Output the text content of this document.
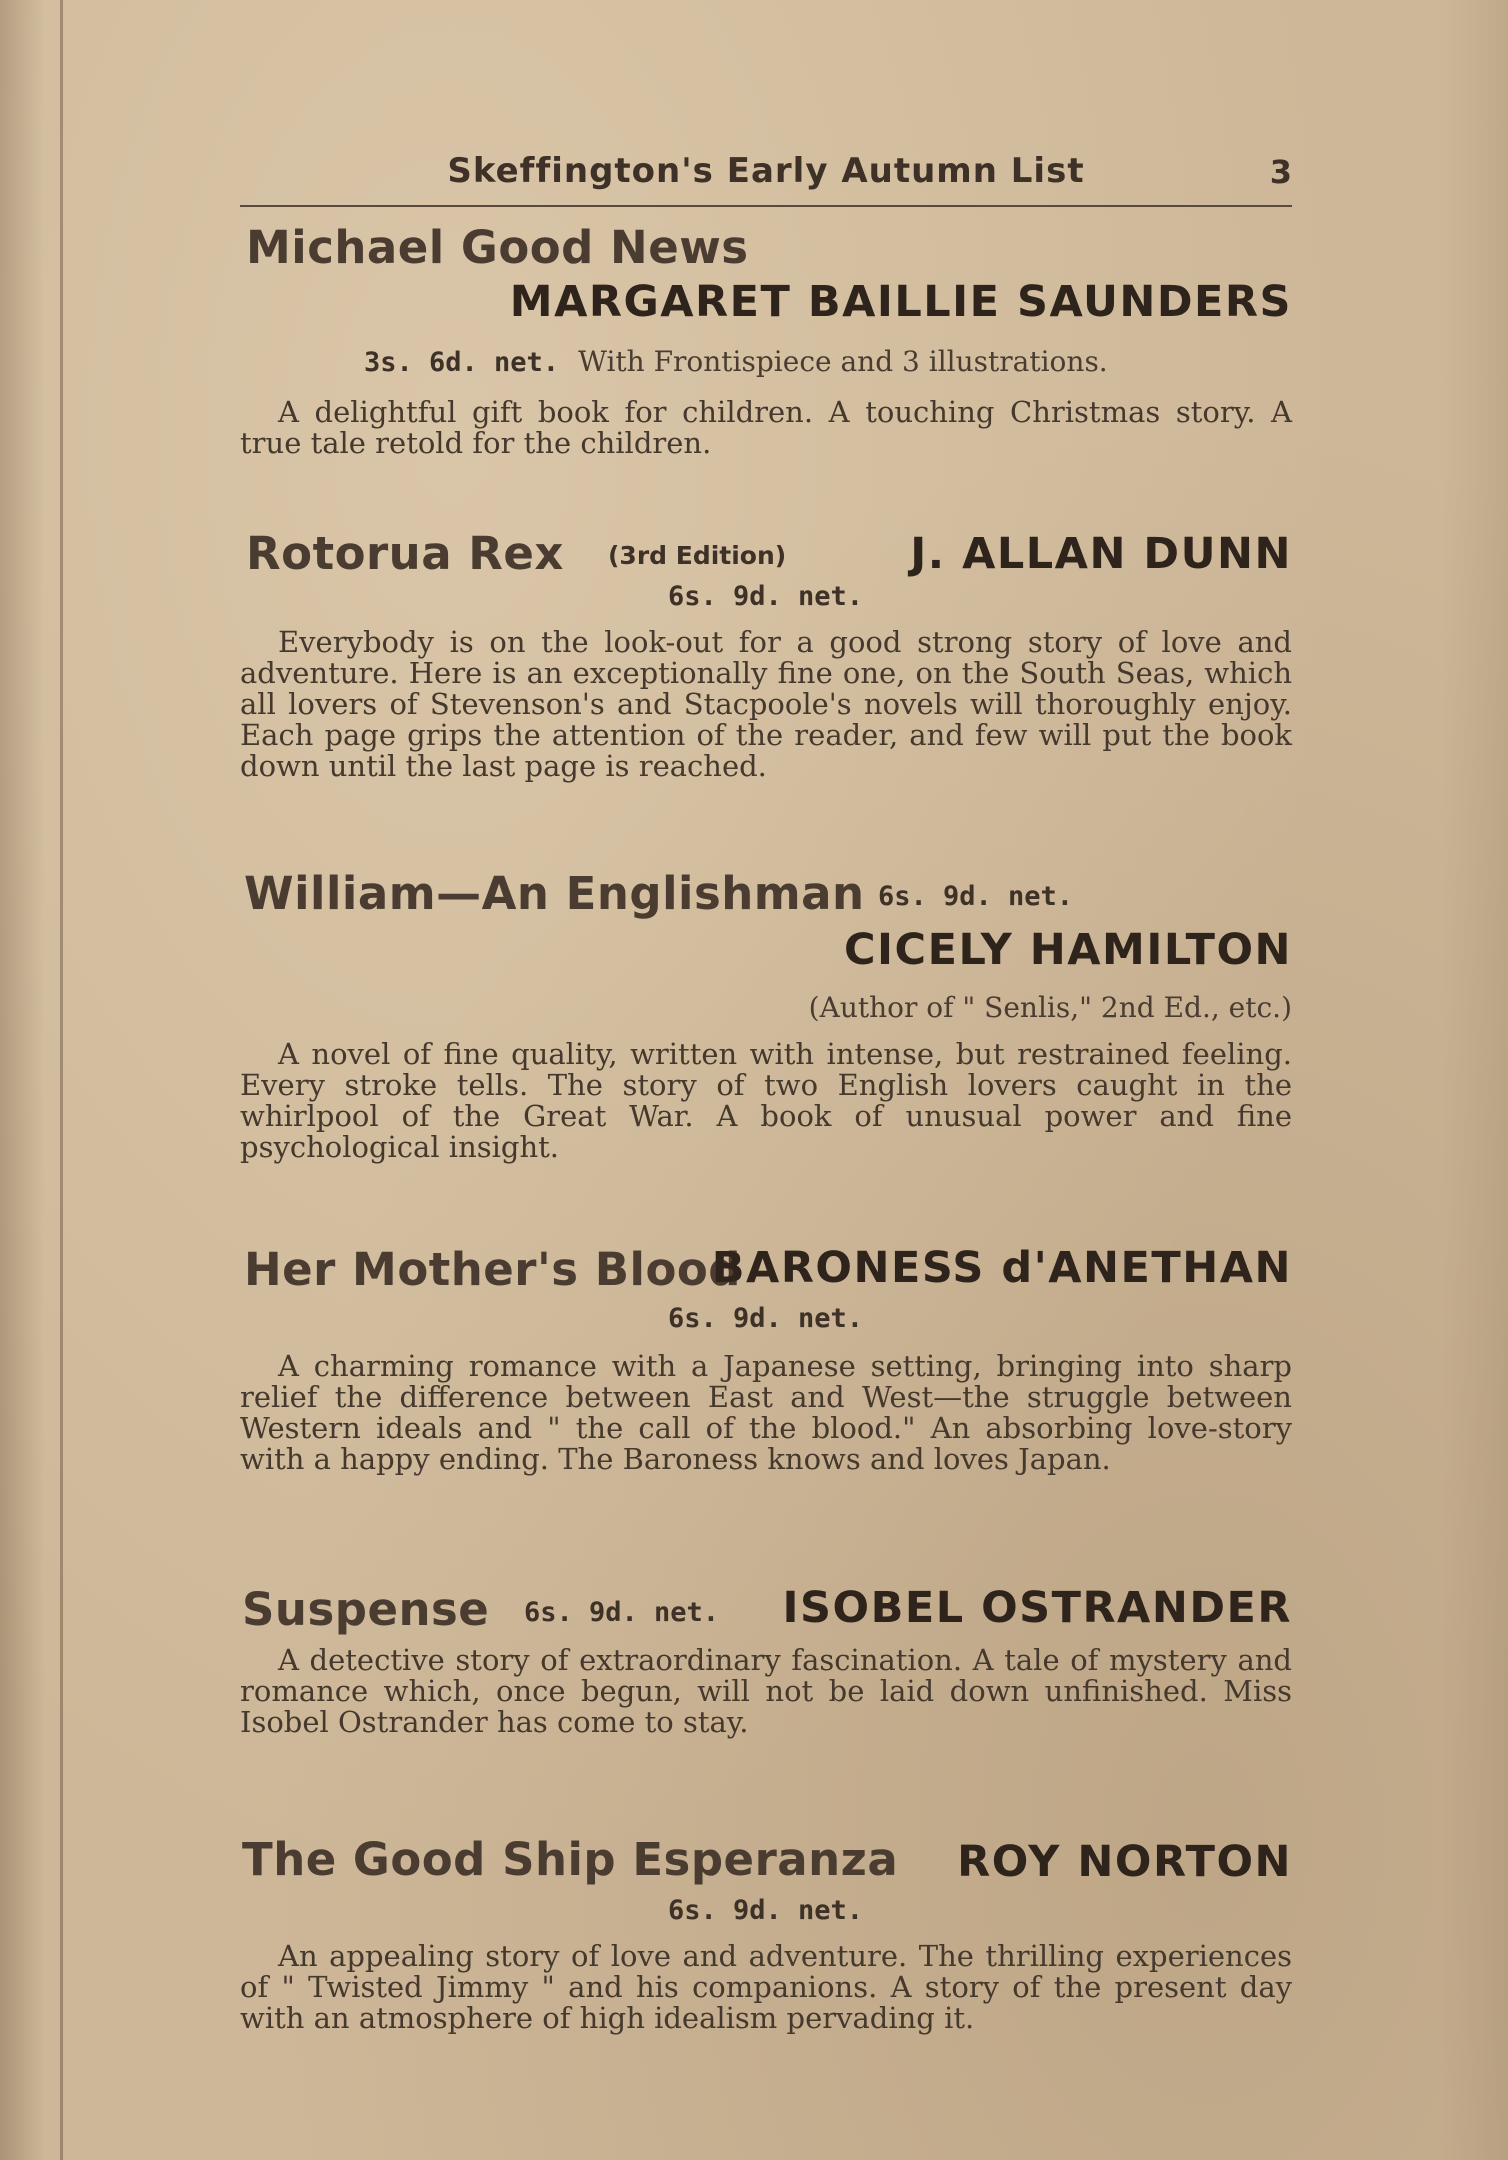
Skeffington's Early Autumn List	3
Michael Good News
MARGARET BAILLIE SAUNDERS
3s. 6d. net. With Frontispiece and 3 illustrations.

A delightful gift book for children. A touching Christmas story. A true tale retold for the children.

Rotorua Rex (3rd Edition)	J. ALLAN DUNN
6s. 9d. net.

Everybody is on the look-out for a good strong story of love and adventure. Here is an exceptionally fine one, on the South Seas, which all lovers of Stevenson's and Stacpoole's novels will thoroughly enjoy. Each page grips the attention of the reader, and few will put the book down until the last page is reached.

William—An Englishman 6s. 9d. net.
CICELY HAMILTON
(Author of " Senlis," 2nd Ed., etc.)

A novel of fine quality, written with intense, but restrained feeling. Every stroke tells. The story of two English lovers caught in the whirlpool of the Great War. A book of unusual power and fine psychological insight.

Her Mother's Blood
BARONESS d'ANETHAN
6s. 9d. net.

A charming romance with a Japanese setting, bringing into sharp relief the difference between East and West—the struggle between Western ideals and " the call of the blood." An absorbing love-story with a happy ending. The Baroness knows and loves Japan.

Suspense 6s. 9d. net. ISOBEL OSTRANDER

A detective story of extraordinary fascination. A tale of mystery and romance which, once begun, will not be laid down unfinished. Miss Isobel Ostrander has come to stay.

The Good Ship Esperanza ROY NORTON
6s. 9d. net.

An appealing story of love and adventure. The thrilling experiences of " Twisted Jimmy " and his companions. A story of the present day with an atmosphere of high idealism pervading it.
